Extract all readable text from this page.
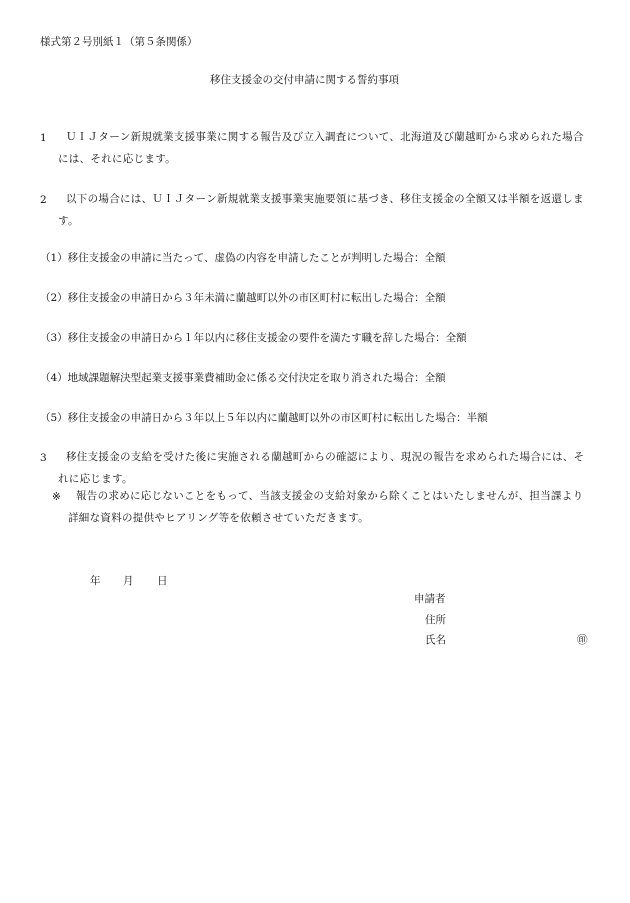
様式第２号別紙１（第５条関係）
移住支援金の交付申請に関する誓約事項
1	ＵＩＪターン新規就業支援事業に関する報告及び立入調査について、北海道及び蘭越町から求められた場合には、それに応じます。
2	以下の場合には、ＵＩＪターン新規就業支援事業実施要領に基づき、移住支援金の全額又は半額を返還します。
（1）移住支援金の申請に当たって、虚偽の内容を申請したことが判明した場合：全額
（2）移住支援金の申請日から３年未満に蘭越町以外の市区町村に転出した場合：全額
（3）移住支援金の申請日から１年以内に移住支援金の要件を満たす職を辞した場合：全額
（4）地域課題解決型起業支援事業費補助金に係る交付決定を取り消された場合：全額
（5）移住支援金の申請日から３年以上５年以内に蘭越町以外の市区町村に転出した場合：半額
3	移住支援金の支給を受けた後に実施される蘭越町からの確認により、現況の報告を求められた場合には、それに応じます。
※	報告の求めに応じないことをもって、当該支援金の支給対象から除くことはいたしませんが、担当課より詳細な資料の提供やヒアリング等を依頼させていただきます。
年 月 日
申請者
住所
氏名	㊞
